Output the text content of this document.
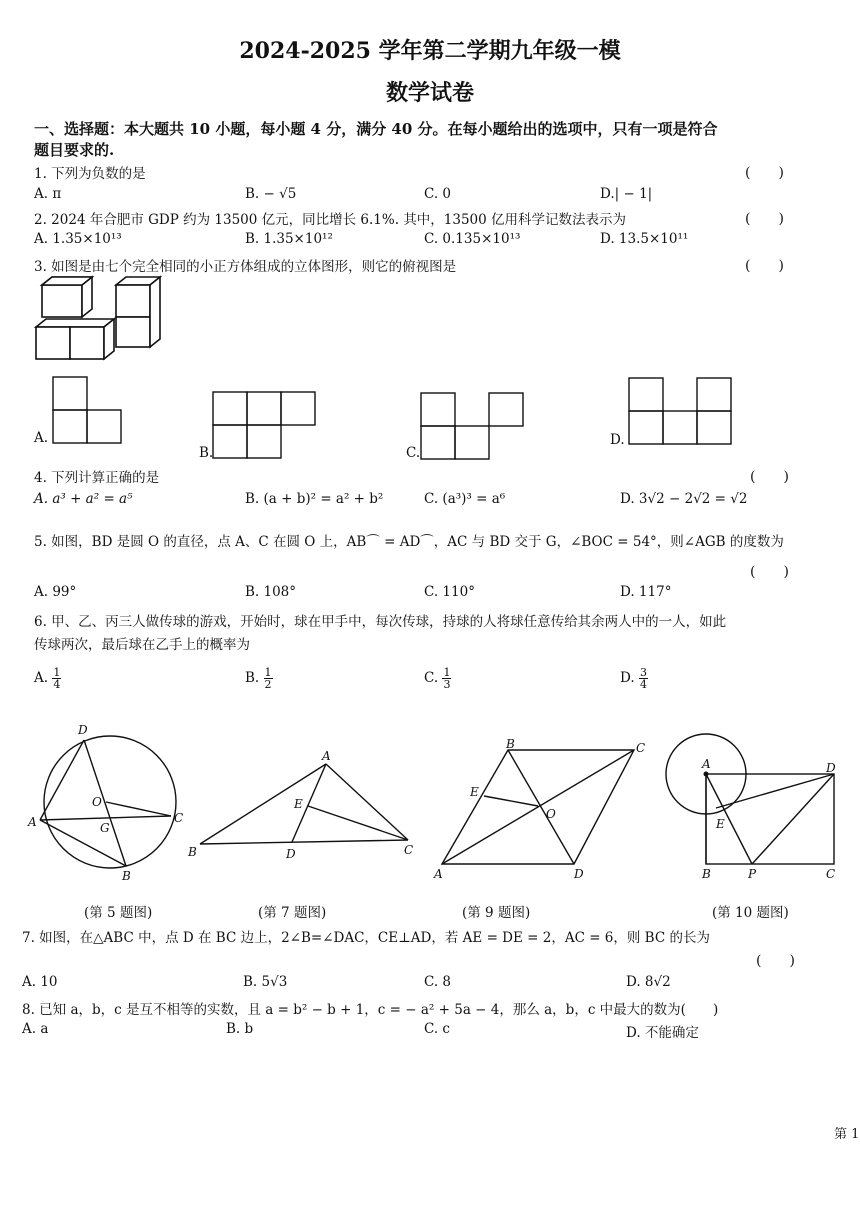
2024-2025 学年第二学期九年级一模
数学试卷
一、选择题：本大题共 10 小题，每小题 4 分，满分 40 分。在每小题给出的选项中，只有一项是符合
题目要求的.
1. 下列为负数的是	(　　)
A. π	B. − √5	C. 0	D.| − 1|
2. 2024 年合肥市 GDP 约为 13500 亿元，同比增长 6.1%. 其中，13500 亿用科学记数法表示为	(　　)
A. 1.35×10¹³	B. 1.35×10¹²	C. 0.135×10¹³	D. 13.5×10¹¹
3. 如图是由七个完全相同的小正方体组成的立体图形，则它的俯视图是	(　　)
A.
B.	C.
D.
4. 下列计算正确的是	(　　)
A. a³ + a² = a⁵	B. (a + b)² = a² + b²	C. (a³)³ = a⁶	D. 3√2 − 2√2 = √2
5. 如图，BD 是圆 O 的直径，点 A、C 在圆 O 上，AB⌒ = AD⌒，AC 与 BD 交于 G，∠BOC = 54°，则∠AGB 的度数为
A. 99°	B. 108°	C. 110°	D. 117°
(　　)
6. 甲、乙、丙三人做传球的游戏，开始时，球在甲手中，每次传球，持球的人将球任意传给其余两人中的一人，如此
传球两次，最后球在乙手上的概率为
A. $\frac{1}{4}$	B. $\frac{1}{2}$	C. $\frac{1}{3}$	D. $\frac{3}{4}$
D
O
A	G
C
B
A
E
B	D	C
B	C
E
O
A	D
A	D
E
B	P	C
(第 5 题图)	(第 7 题图)	(第 9 题图)	(第 10 题图)
7. 如图，在△ABC 中，点 D 在 BC 边上，2∠B=∠DAC，CE⊥AD，若 AE = DE = 2，AC = 6，则 BC 的长为
(　　)
A. 10	B. 5√3	C. 8	D. 8√2
8. 已知 a，b，c 是互不相等的实数，且 a = b² − b + 1，c = − a² + 5a − 4，那么 a，b，c 中最大的数为(　　)
A. a	B. b	C. c	D. 不能确定
第 1
